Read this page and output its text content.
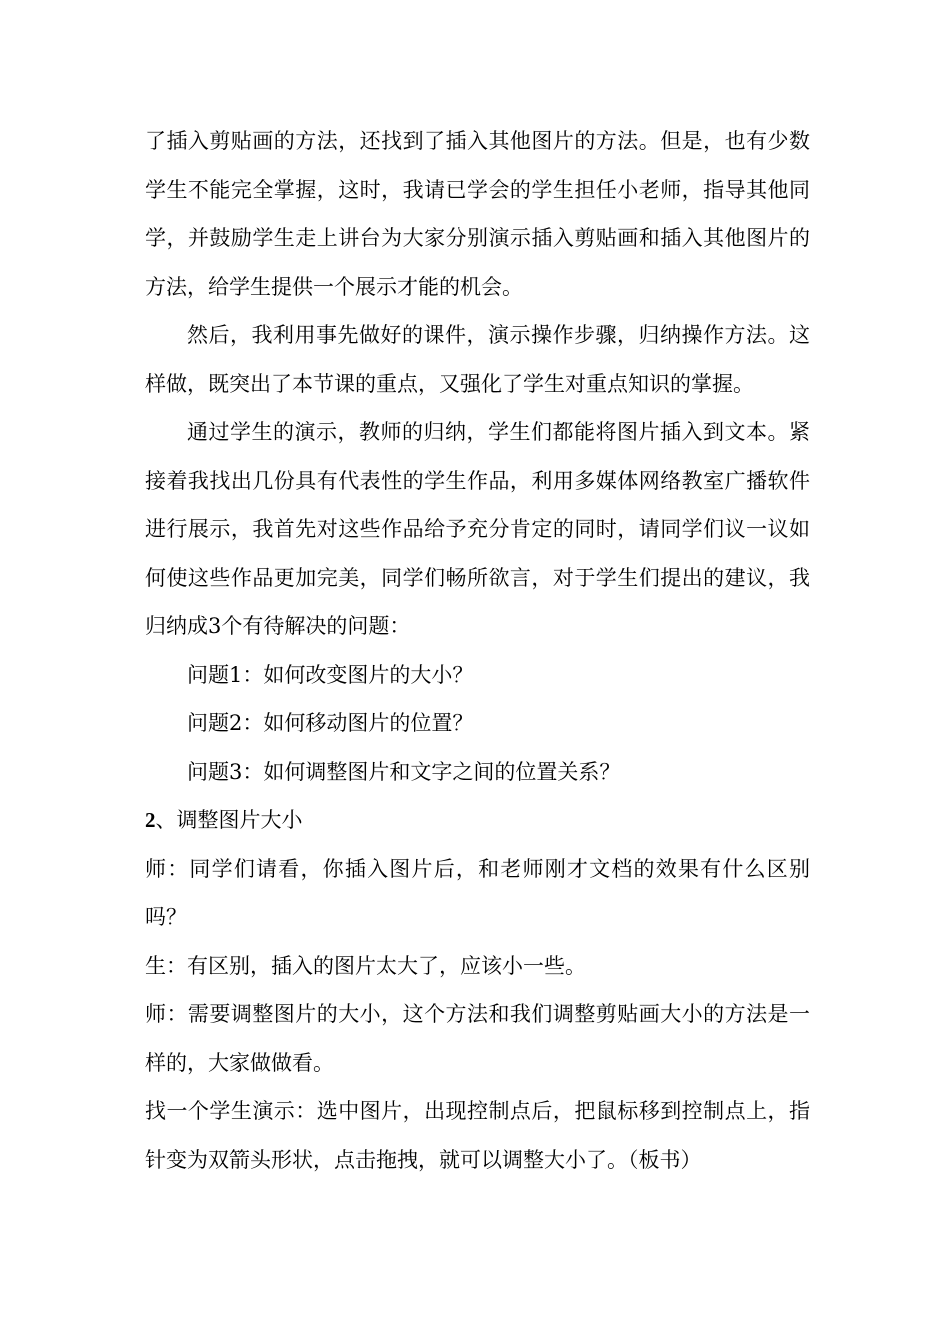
了插入剪贴画的方法，还找到了插入其他图片的方法。但是，也有少数学生不能完全掌握，这时，我请已学会的学生担任小老师，指导其他同学，并鼓励学生走上讲台为大家分别演示插入剪贴画和插入其他图片的方法，给学生提供一个展示才能的机会。

然后，我利用事先做好的课件，演示操作步骤，归纳操作方法。这样做，既突出了本节课的重点，又强化了学生对重点知识的掌握。

通过学生的演示，教师的归纳，学生们都能将图片插入到文本。紧接着我找出几份具有代表性的学生作品，利用多媒体网络教室广播软件进行展示，我首先对这些作品给予充分肯定的同时，请同学们议一议如何使这些作品更加完美，同学们畅所欲言，对于学生们提出的建议，我归纳成3个有待解决的问题：

问题1：如何改变图片的大小？

问题2：如何移动图片的位置？

问题3：如何调整图片和文字之间的位置关系？

2、调整图片大小

师：同学们请看，你插入图片后，和老师刚才文档的效果有什么区别吗？

生：有区别，插入的图片太大了，应该小一些。

师：需要调整图片的大小，这个方法和我们调整剪贴画大小的方法是一样的，大家做做看。

找一个学生演示：选中图片，出现控制点后，把鼠标移到控制点上，指针变为双箭头形状，点击拖拽，就可以调整大小了。（板书）
